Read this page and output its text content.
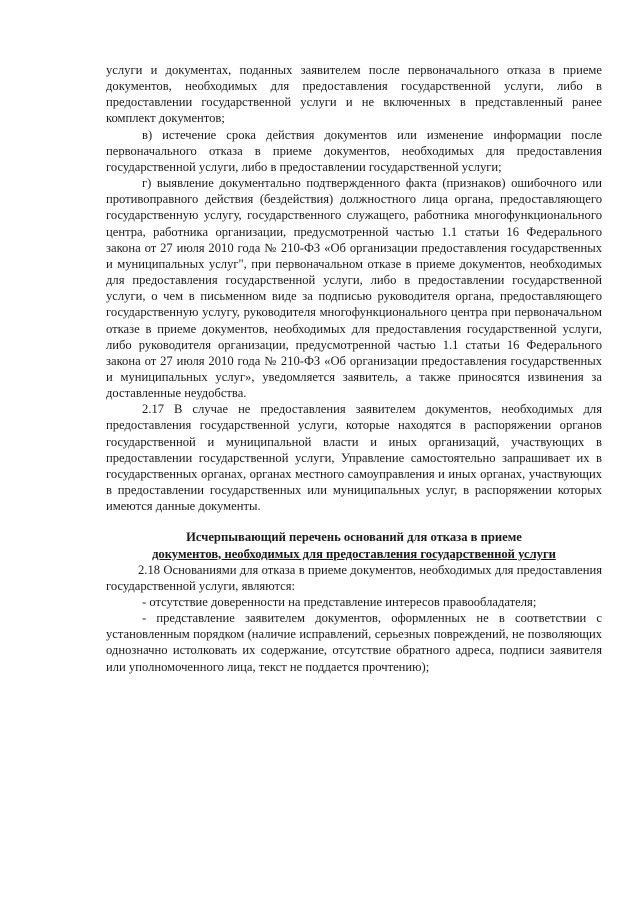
услуги и документах, поданных заявителем после первоначального отказа в приеме документов, необходимых для предоставления государственной услуги, либо в предоставлении государственной услуги и не включенных в представленный ранее комплект документов;

в) истечение срока действия документов или изменение информации после первоначального отказа в приеме документов, необходимых для предоставления государственной услуги, либо в предоставлении государственной услуги;

г) выявление документально подтвержденного факта (признаков) ошибочного или противоправного действия (бездействия) должностного лица органа, предоставляющего государственную услугу, государственного служащего, работника многофункционального центра, работника организации, предусмотренной частью 1.1 статьи 16 Федерального закона от 27 июля 2010 года № 210-ФЗ «Об организации предоставления государственных и муниципальных услуг", при первоначальном отказе в приеме документов, необходимых для предоставления государственной услуги, либо в предоставлении государственной услуги, о чем в письменном виде за подписью руководителя органа, предоставляющего государственную услугу, руководителя многофункционального центра при первоначальном отказе в приеме документов, необходимых для предоставления государственной услуги, либо руководителя организации, предусмотренной частью 1.1 статьи 16 Федерального закона от 27 июля 2010 года № 210-ФЗ «Об организации предоставления государственных и муниципальных услуг», уведомляется заявитель, а также приносятся извинения за доставленные неудобства.

2.17 В случае не предоставления заявителем документов, необходимых для предоставления государственной услуги, которые находятся в распоряжении органов государственной и муниципальной власти и иных организаций, участвующих в предоставлении государственной услуги, Управление самостоятельно запрашивает их в государственных органах, органах местного самоуправления и иных органах, участвующих в предоставлении государственных или муниципальных услуг, в распоряжении которых имеются данные документы.

Исчерпывающий перечень оснований для отказа в приеме
документов, необходимых для предоставления государственной услуги

2.18 Основаниями для отказа в приеме документов, необходимых для предоставления государственной услуги, являются:

- отсутствие доверенности на представление интересов правообладателя;

- представление заявителем документов, оформленных не в соответствии с установленным порядком (наличие исправлений, серьезных повреждений, не позволяющих однозначно истолковать их содержание, отсутствие обратного адреса, подписи заявителя или уполномоченного лица, текст не поддается прочтению);
